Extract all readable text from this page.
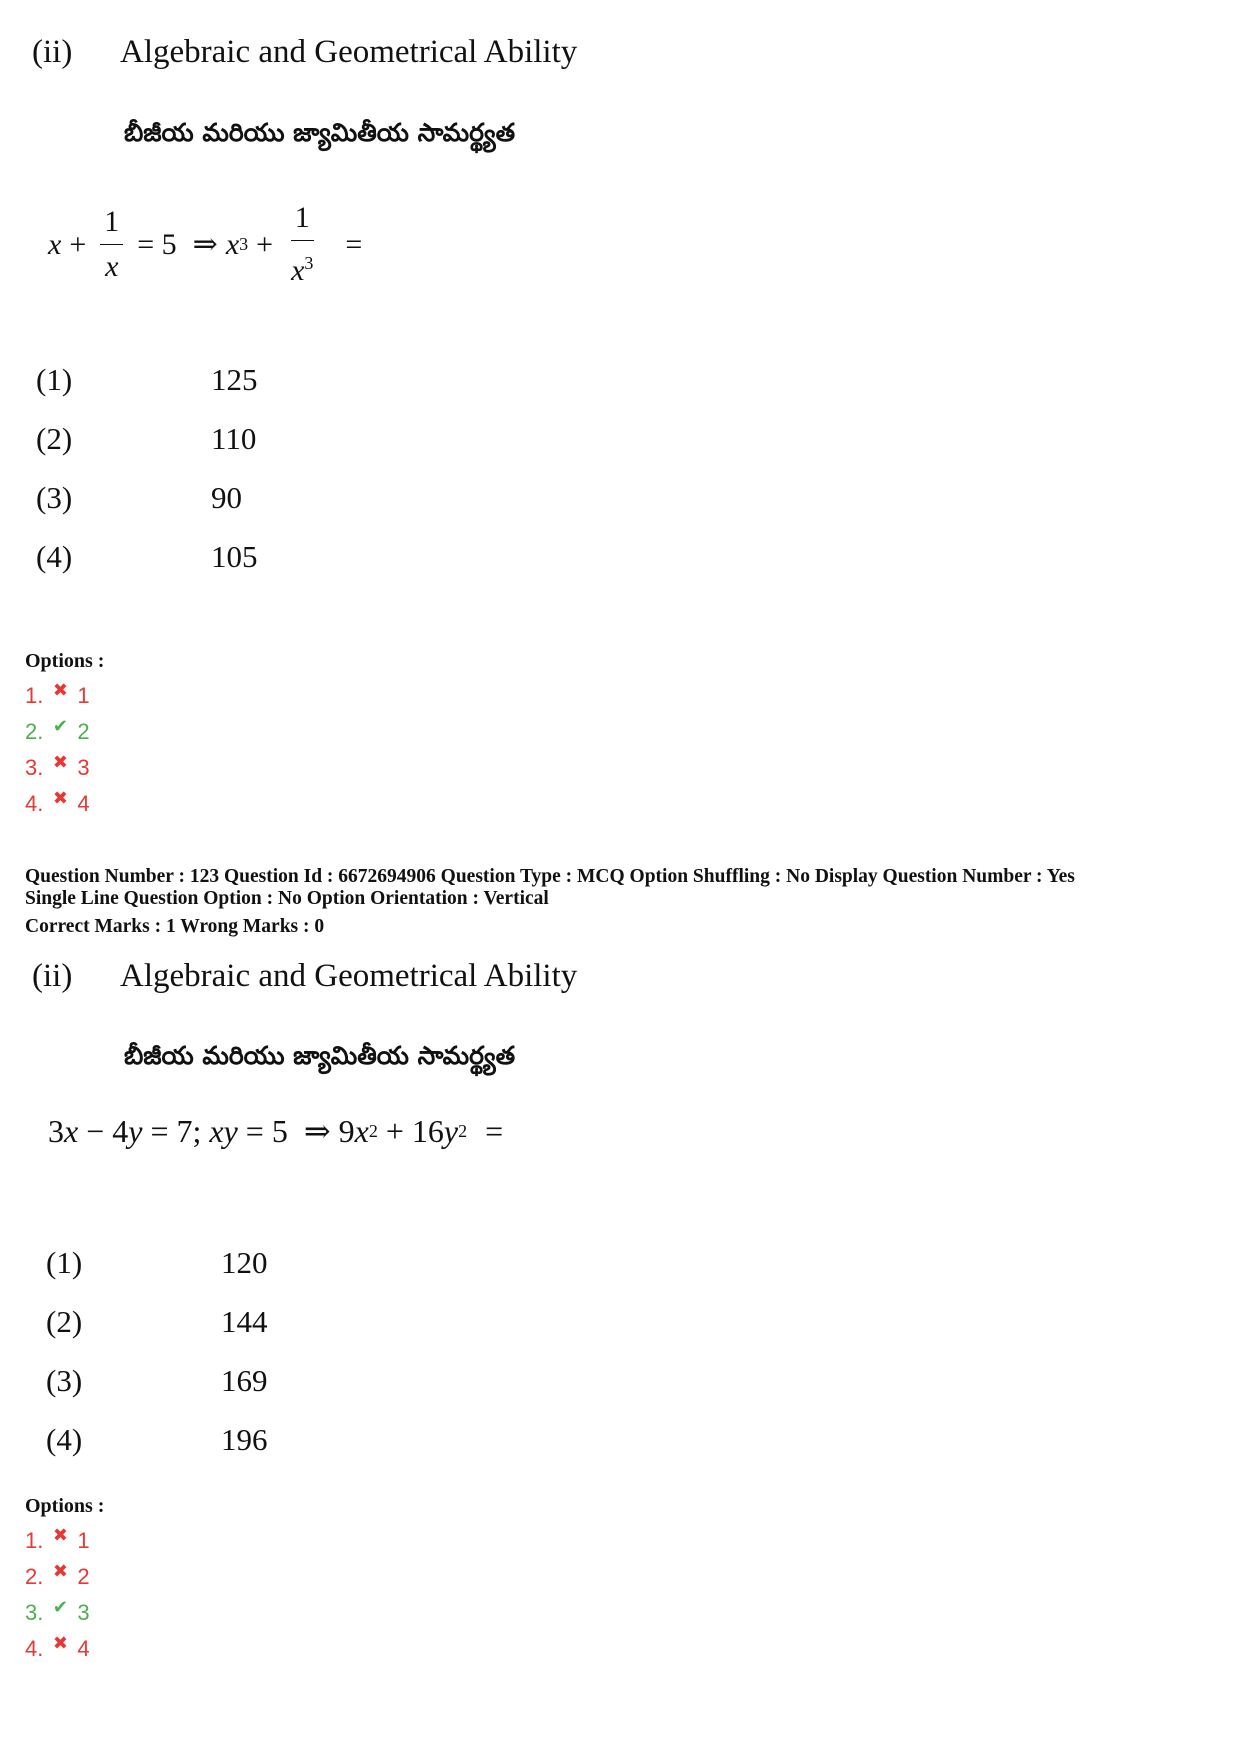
(ii) Algebraic and Geometrical Ability
బీజీయ మరియు జ్యామితీయ సామర్థ్యత
$x + \frac{1}{x} = 5$ ⇒ x $3 + \frac{1}{x^3}$ =
(1)	125
(2)	110
(3)	90
(4)	105
Options :
1. ✖ 1
2. ✔ 2
3. ✖ 3
4. ✖ 4
Question Number : 123 Question Id : 6672694906 Question Type : MCQ Option Shuffling : No Display Question Number : Yes
Single Line Question Option : No Option Orientation : Vertical
Correct Marks : 1 Wrong Marks : 0
(ii) Algebraic and Geometrical Ability
బీజీయ మరియు జ్యామితీయ సామర్థ్యత
3 x − 4 y = 7; xy = 5 ⇒ 9 x 2 + 16 y 2 =
(1)	120
(2)	144
(3)	169
(4)	196
Options :
1. ✖ 1
2. ✖ 2
3. ✔ 3
4. ✖ 4
